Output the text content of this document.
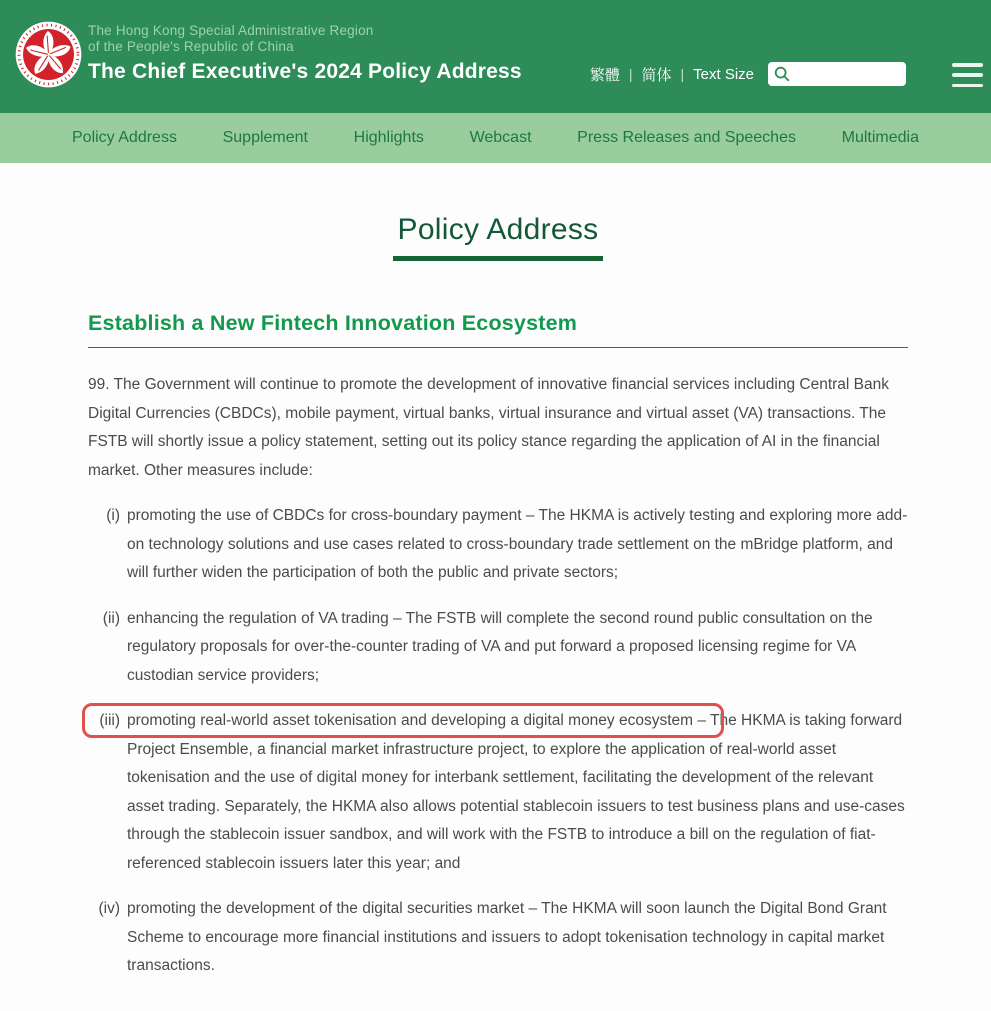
The Hong Kong Special Administrative Region
of the People's Republic of China
The Chief Executive's 2024 Policy Address	繁體 | 简体 | Text Size
Policy Address	Supplement	Highlights	Webcast	Press Releases and Speeches	Multimedia
Policy Address
Establish a New Fintech Innovation Ecosystem

99. The Government will continue to promote the development of innovative financial services including Central Bank Digital Currencies (CBDCs), mobile payment, virtual banks, virtual insurance and virtual asset (VA) transactions. The FSTB will shortly issue a policy statement, setting out its policy stance regarding the application of AI in the financial market. Other measures include:

(i) promoting the use of CBDCs for cross-boundary payment – The HKMA is actively testing and exploring more add-on technology solutions and use cases related to cross-boundary trade settlement on the mBridge platform, and will further widen the participation of both the public and private sectors;
(ii) enhancing the regulation of VA trading – The FSTB will complete the second round public consultation on the regulatory proposals for over-the-counter trading of VA and put forward a proposed licensing regime for VA custodian service providers;
(iii) promoting real-world asset tokenisation and developing a digital money ecosystem – The HKMA is taking forward Project Ensemble, a financial market infrastructure project, to explore the application of real-world asset tokenisation and the use of digital money for interbank settlement, facilitating the development of the relevant asset trading. Separately, the HKMA also allows potential stablecoin issuers to test business plans and use-cases through the stablecoin issuer sandbox, and will work with the FSTB to introduce a bill on the regulation of fiat-referenced stablecoin issuers later this year; and
(iv) promoting the development of the digital securities market – The HKMA will soon launch the Digital Bond Grant Scheme to encourage more financial institutions and issuers to adopt tokenisation technology in capital market transactions.
